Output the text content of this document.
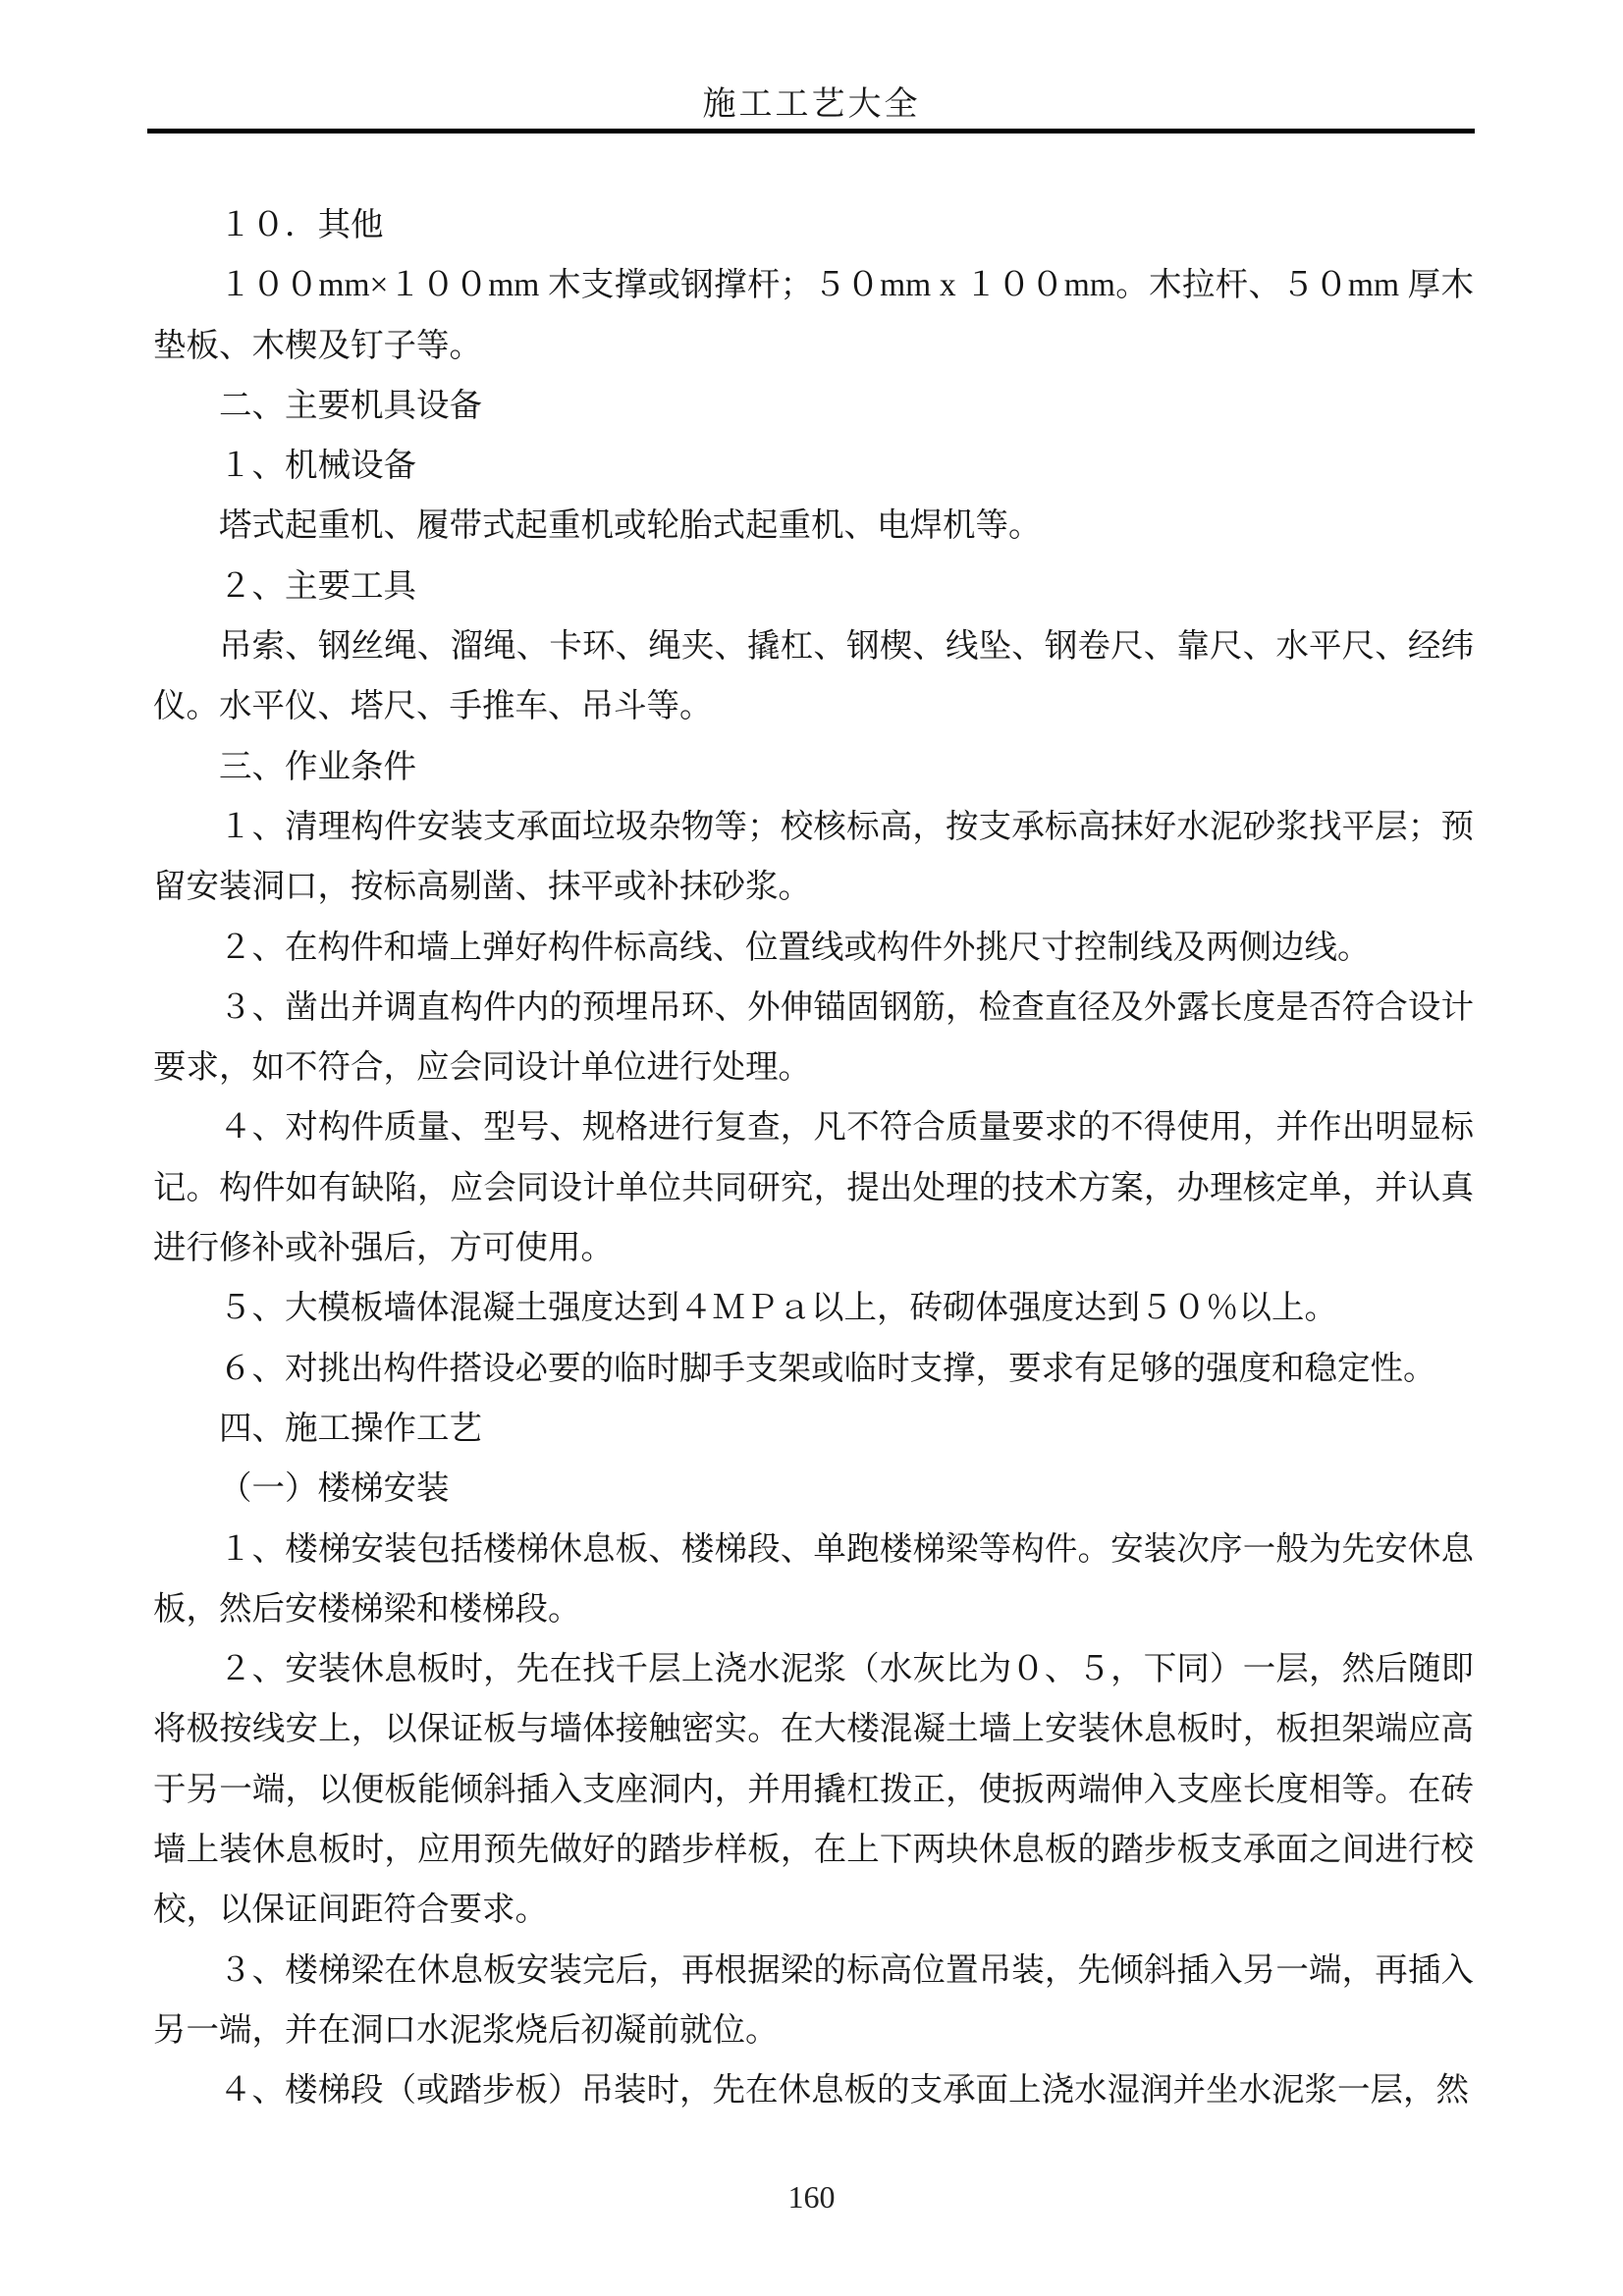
施工工艺大全

１０．其他

１００mm×１００mm 木支撑或钢撑杆；５０mm x １００mm。木拉杆、５０mm 厚木垫板、木楔及钉子等。

二、主要机具设备

１、机械设备

塔式起重机、履带式起重机或轮胎式起重机、电焊机等。

２、主要工具

吊索、钢丝绳、溜绳、卡环、绳夹、撬杠、钢楔、线坠、钢卷尺、靠尺、水平尺、经纬仪。水平仪、塔尺、手推车、吊斗等。

三、作业条件

１、清理构件安装支承面垃圾杂物等；校核标高，按支承标高抹好水泥砂浆找平层；预留安装洞口，按标高剔凿、抹平或补抹砂浆。

２、在构件和墙上弹好构件标高线、位置线或构件外挑尺寸控制线及两侧边线。

３、凿出并调直构件内的预埋吊环、外伸锚固钢筋，检查直径及外露长度是否符合设计要求，如不符合，应会同设计单位进行处理。

４、对构件质量、型号、规格进行复查，凡不符合质量要求的不得使用，并作出明显标记。构件如有缺陷，应会同设计单位共同研究，提出处理的技术方案，办理核定单，并认真进行修补或补强后，方可使用。

５、大模板墙体混凝土强度达到４ＭＰａ以上，砖砌体强度达到５０％以上。

６、对挑出构件搭设必要的临时脚手支架或临时支撑，要求有足够的强度和稳定性。

四、施工操作工艺

（一）楼梯安装

１、楼梯安装包括楼梯休息板、楼梯段、单跑楼梯梁等构件。安装次序一般为先安休息板，然后安楼梯梁和楼梯段。

２、安装休息板时，先在找千层上浇水泥浆（水灰比为０、５，下同）一层，然后随即将极按线安上，以保证板与墙体接触密实。在大楼混凝土墙上安装休息板时，板担架端应高于另一端，以便板能倾斜插入支座洞内，并用撬杠拨正，使扳两端伸入支座长度相等。在砖墙上装休息板时，应用预先做好的踏步样板，在上下两块休息板的踏步板支承面之间进行校校，以保证间距符合要求。

３、楼梯梁在休息板安装完后，再根据梁的标高位置吊装，先倾斜插入另一端，再插入另一端，并在洞口水泥浆烧后初凝前就位。

４、楼梯段（或踏步板）吊装时，先在休息板的支承面上浇水湿润并坐水泥浆一层，然

160
